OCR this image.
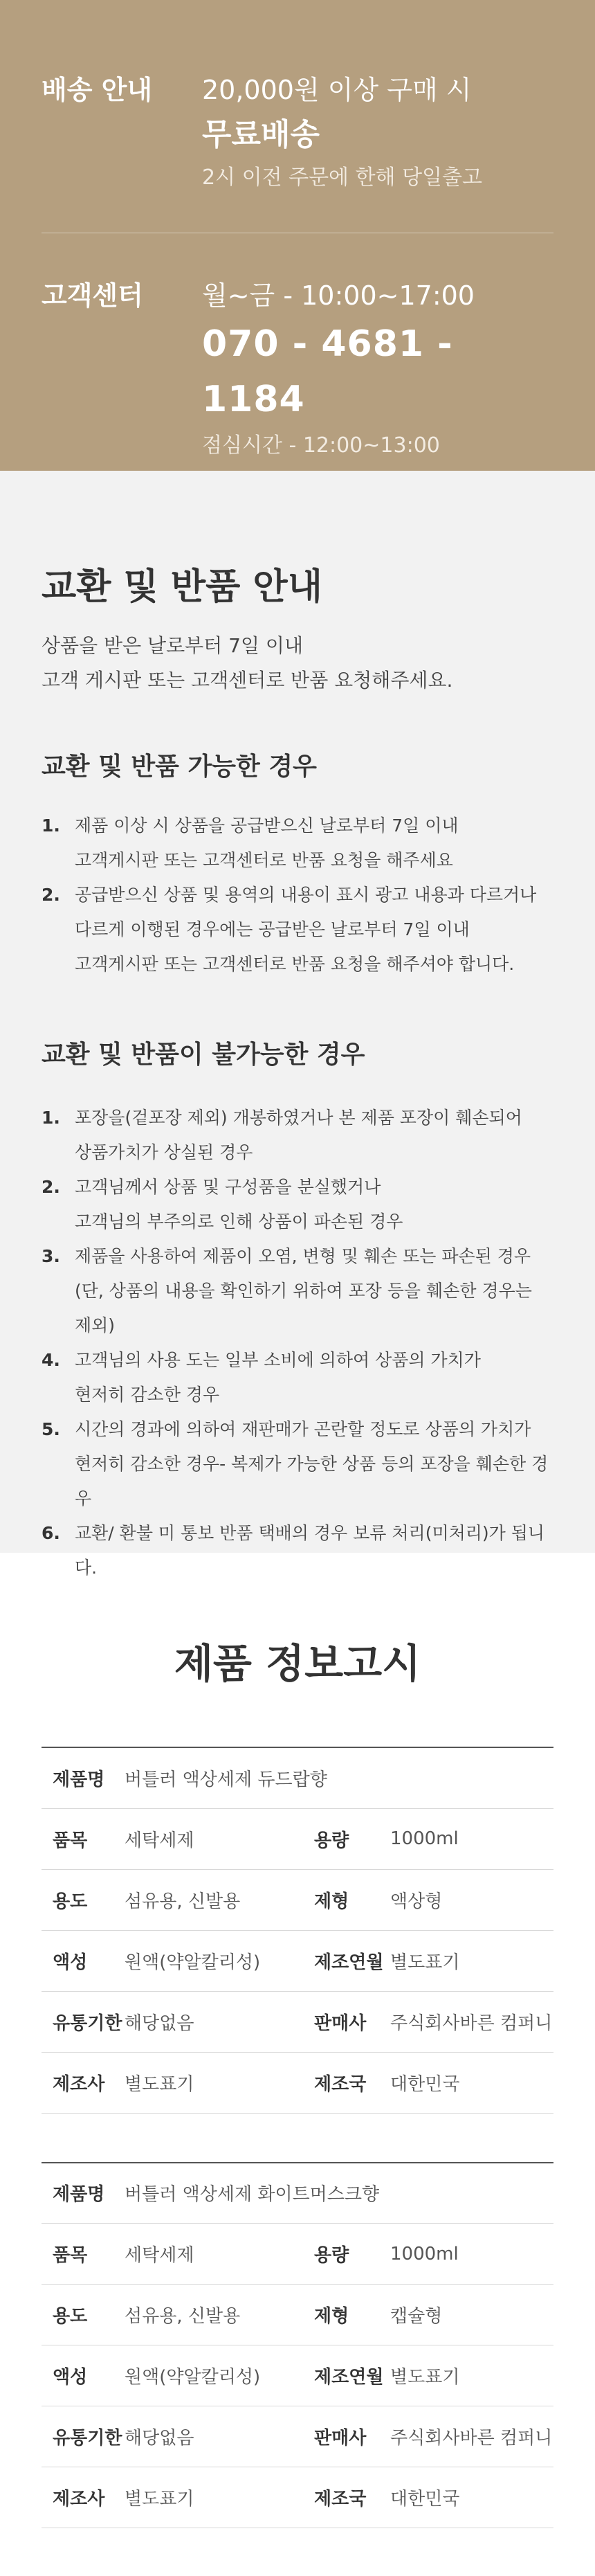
배송 안내	20,000원 이상 구매 시
무료배송
2시 이전 주문에 한해 당일출고
고객센터	월~금 - 10:00~17:00
070 - 4681 - 1184
점심시간 - 12:00~13:00
교환 및 반품 안내

상품을 받은 날로부터 7일 이내

고객 게시판 또는 고객센터로 반품 요청해주세요.

교환 및 반품 가능한 경우
1. 제품 이상 시 상품을 공급받으신 날로부터 7일 이내
고객게시판 또는 고객센터로 반품 요청을 해주세요
2. 공급받으신 상품 및 용역의 내용이 표시 광고 내용과 다르거나
다르게 이행된 경우에는 공급받은 날로부터 7일 이내
고객게시판 또는 고객센터로 반품 요청을 해주셔야 합니다.
교환 및 반품이 불가능한 경우
1. 포장을(겉포장 제외) 개봉하였거나 본 제품 포장이 훼손되어
상품가치가 상실된 경우
2. 고객님께서 상품 및 구성품을 분실했거나
고객님의 부주의로 인해 상품이 파손된 경우
3. 제품을 사용하여 제품이 오염, 변형 및 훼손 또는 파손된 경우
(단, 상품의 내용을 확인하기 위하여 포장 등을 훼손한 경우는 제외)
4. 고객님의 사용 도는 일부 소비에 의하여 상품의 가치가
현저히 감소한 경우
5. 시간의 경과에 의하여 재판매가 곤란할 정도로 상품의 가치가
현저히 감소한 경우- 복제가 가능한 상품 등의 포장을 훼손한 경우
6. 교환/ 환불 미 통보 반품 택배의 경우 보류 처리(미처리)가 됩니다.
제품 정보고시
제품명	버틀러 액상세제 듀드랍향		
품목	세탁세제	용량	1000ml
용도	섬유용, 신발용	제형	액상형
액성	원액(약알칼리성)	제조연월	별도표기
유통기한	해당없음	판매사	주식회사바른 컴퍼니
제조사	별도표기	제조국	대한민국
제품명	버틀러 액상세제 화이트머스크향		
품목	세탁세제	용량	1000ml
용도	섬유용, 신발용	제형	캡슐형
액성	원액(약알칼리성)	제조연월	별도표기
유통기한	해당없음	판매사	주식회사바른 컴퍼니
제조사	별도표기	제조국	대한민국
